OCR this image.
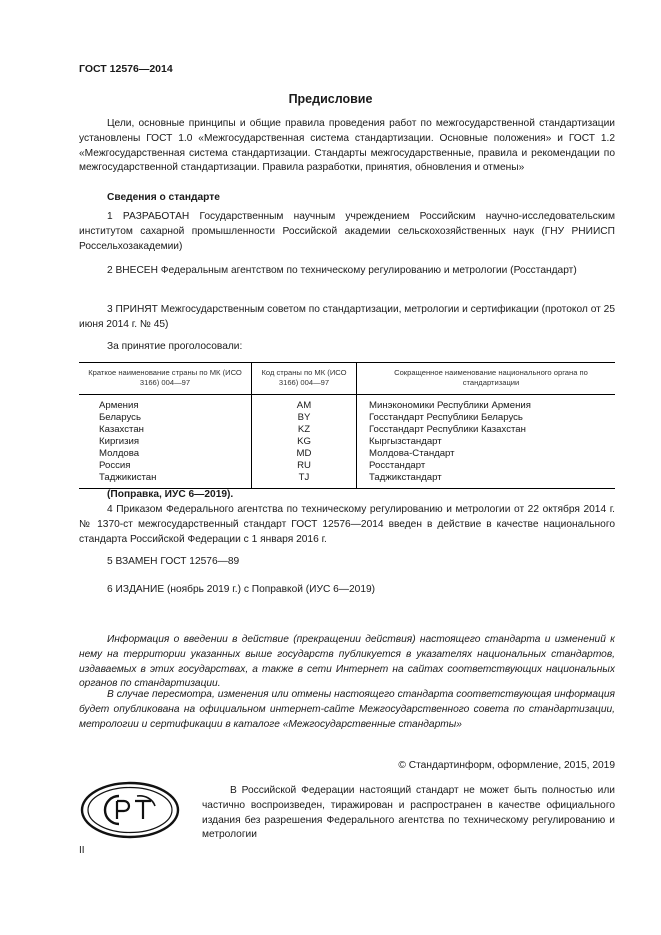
ГОСТ 12576—2014
Предисловие
Цели, основные принципы и общие правила проведения работ по межгосударственной стандартизации установлены ГОСТ 1.0 «Межгосударственная система стандартизации. Основные положения» и ГОСТ 1.2 «Межгосударственная система стандартизации. Стандарты межгосударственные, правила и рекомендации по межгосударственной стандартизации. Правила разработки, принятия, обновления и отмены»
Сведения о стандарте
1 РАЗРАБОТАН Государственным научным учреждением Российским научно-исследовательским институтом сахарной промышленности Российской академии сельскохозяйственных наук (ГНУ РНИИСП Россельхозакадемии)
2 ВНЕСЕН Федеральным агентством по техническому регулированию и метрологии (Росстандарт)
3 ПРИНЯТ Межгосударственным советом по стандартизации, метрологии и сертификации (протокол от 25 июня 2014 г. № 45)
За принятие проголосовали:
Краткое наименование страны по МК (ИСО 3166) 004—97	Код страны по МК (ИСО 3166) 004—97	Сокращенное наименование национального органа по стандартизации
Армения	AM	Минэкономики Республики Армения
Беларусь	BY	Госстандарт Республики Беларусь
Казахстан	KZ	Госстандарт Республики Казахстан
Киргизия	KG	Кыргызстандарт
Молдова	MD	Молдова-Стандарт
Россия	RU	Росстандарт
Таджикистан	TJ	Таджикстандарт
(Поправка, ИУС 6—2019).
4 Приказом Федерального агентства по техническому регулированию и метрологии от 22 октября 2014 г. № 1370-ст межгосударственный стандарт ГОСТ 12576—2014 введен в действие в качестве национального стандарта Российской Федерации с 1 января 2016 г.
5 ВЗАМЕН ГОСТ 12576—89
6 ИЗДАНИЕ (ноябрь 2019 г.) с Поправкой (ИУС 6—2019)
Информация о введении в действие (прекращении действия) настоящего стандарта и изменений к нему на территории указанных выше государств публикуется в указателях национальных стандартов, издаваемых в этих государствах, а также в сети Интернет на сайтах соответствующих национальных органов по стандартизации.
В случае пересмотра, изменения или отмены настоящего стандарта соответствующая информация будет опубликована на официальном интернет-сайте Межгосударственного совета по стандартизации, метрологии и сертификации в каталоге «Межгосударственные стандарты»
© Стандартинформ, оформление, 2015, 2019
В Российской Федерации настоящий стандарт не может быть полностью или частично воспроизведен, тиражирован и распространен в качестве официального издания без разрешения Федерального агентства по техническому регулированию и метрологии
II
